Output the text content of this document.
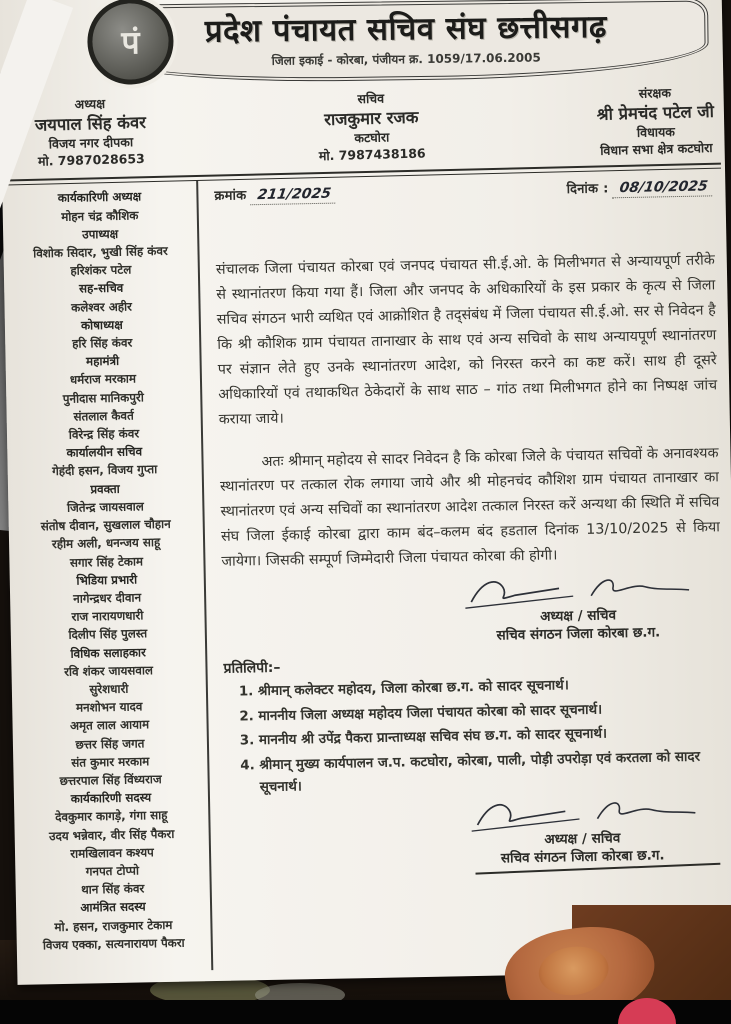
पं	प्रदेश पंचायत सचिव संघ छत्तीसगढ़
जिला इकाई - कोरबा, पंजीयन क्र. 1059/17.06.2005
अध्यक्ष
जयपाल सिंह कंवर
विजय नगर दीपका
मो. 7987028653
सचिव
राजकुमार रजक
कटघोरा
मो. 7987438186
संरक्षक
श्री प्रेमचंद पटेल जी
विधायक
विधान सभा क्षेत्र कटघोरा
कार्यकारिणी अध्यक्ष
मोहन चंद्र कौशिक
उपाध्यक्ष
विशोक सिदार, भुखी सिंह कंवर
हरिशंकर पटेल
सह-सचिव
कलेश्वर अहीर
कोषाध्यक्ष
हरि सिंह कंवर
महामंत्री
धर्मराज मरकाम
पुनीदास मानिकपुरी
संतलाल कैवर्त
विरेन्द्र सिंह कंवर
कार्यालयीन सचिव
गेहंदी हसन, विजय गुप्ता
प्रवक्ता
जितेन्द्र जायसवाल
संतोष दीवान, सुखलाल चौहान
रहीम अली, धनन्जय साहू
सगार सिंह टेकाम
भिडिया प्रभारी
नागेन्द्रधर दीवान
राज नारायणधारी
दिलीप सिंह पुलस्त
विधिक सलाहकार
रवि शंकर जायसवाल
सुरेशधारी
मनशोभन यादव
अमृत लाल आयाम
छत्तर सिंह जगत
संत कुमार मरकाम
छत्तरपाल सिंह विंध्यराज
कार्यकारिणी सदस्य
देवकुमार कागड़े, गंगा साहू
उदय भन्नेवार, वीर सिंह पैकरा
रामखिलावन कश्यप
गनपत टोप्पो
थान सिंह कंवर
आमंत्रित सदस्य
मो. हसन, राजकुमार टेकाम
विजय एक्का, सत्यनारायण पैकरा
क्रमांक 211/2025	दिनांक : 08/10/2025

संचालक जिला पंचायत कोरबा एवं जनपद पंचायत सी.ई.ओ. के मिलीभगत से अन्यायपूर्ण तरीके से स्थानांतरण किया गया हैं। जिला और जनपद के अधिकारियों के इस प्रकार के कृत्य से जिला सचिव संगठन भारी व्यथित एवं आक्रोशित है तद्संबंध में जिला पंचायत सी.ई.ओ. सर से निवेदन है कि श्री कौशिक ग्राम पंचायत तानाखार के साथ एवं अन्य सचिवो के साथ अन्यायपूर्ण स्थानांतरण पर संज्ञान लेते हुए उनके स्थानांतरण आदेश, को निरस्त करने का कष्ट करें। साथ ही दूसरे अधिकारियों एवं तथाकथित ठेकेदारों के साथ साठ – गांठ तथा मिलीभगत होने का निष्पक्ष जांच कराया जाये।

अतः श्रीमान् महोदय से सादर निवेदन है कि कोरबा जिले के पंचायत सचिवों के अनावश्यक स्थानांतरण पर तत्काल रोक लगाया जाये और श्री मोहनचंद कौशिश ग्राम पंचायत तानाखार का स्थानांतरण एवं अन्य सचिवों का स्थानांतरण आदेश तत्काल निरस्त करें अन्यथा की स्थिति में सचिव संघ जिला ईकाई कोरबा द्वारा काम बंद–कलम बंद हडताल दिनांक 13/10/2025 से किया जायेगा। जिसकी सम्पूर्ण जिम्मेदारी जिला पंचायत कोरबा की होगी।

अध्यक्ष / सचिव
सचिव संगठन जिला कोरबा छ.ग.
प्रतिलिपी:–
1. श्रीमान् कलेक्टर महोदय, जिला कोरबा छ.ग. को सादर सूचनार्थ।
2. माननीय जिला अध्यक्ष महोदय जिला पंचायत कोरबा को सादर सूचनार्थ।
3. माननीय श्री उपेंद्र पैकरा प्रान्ताध्यक्ष सचिव संघ छ.ग. को सादर सूचनार्थ।
4. श्रीमान् मुख्य कार्यपालन ज.प. कटघोरा, कोरबा, पाली, पोड़ी उपरोड़ा एवं करतला को सादर सूचनार्थ।
अध्यक्ष / सचिव
सचिव संगठन जिला कोरबा छ.ग.
